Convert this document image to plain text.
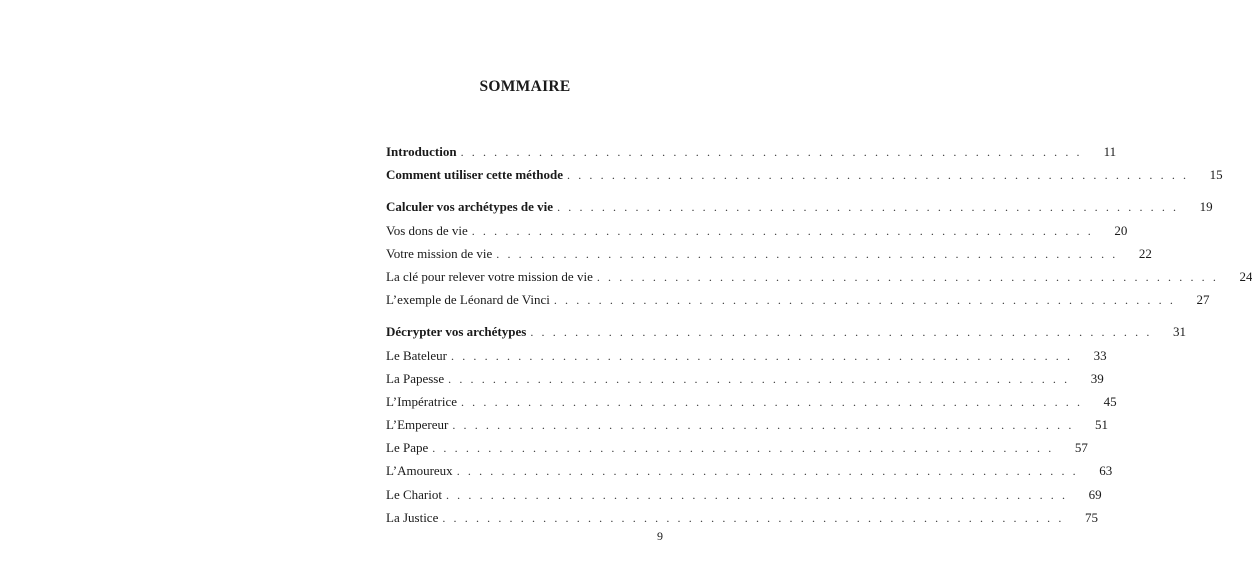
SOMMAIRE
Introduction . . . . . . . . . . . . . . . . . . . . . . . . . . . . . . . . . . . . . . . . . . . . . . . . . . . . . . . .	11
Comment utiliser cette méthode . . . . . . . . . . . . . . . . . . . . . . . . . . . . . . . . . . . . . . . . . . . . . . . . . . . . . . . .	15
Calculer vos archétypes de vie . . . . . . . . . . . . . . . . . . . . . . . . . . . . . . . . . . . . . . . . . . . . . . . . . . . . . . . .	19
Vos dons de vie . . . . . . . . . . . . . . . . . . . . . . . . . . . . . . . . . . . . . . . . . . . . . . . . . . . . . . . .	20
Votre mission de vie . . . . . . . . . . . . . . . . . . . . . . . . . . . . . . . . . . . . . . . . . . . . . . . . . . . . . . . .	22
La clé pour relever votre mission de vie . . . . . . . . . . . . . . . . . . . . . . . . . . . . . . . . . . . . . . . . . . . . . . . . . . . . . . . .	24
L’exemple de Léonard de Vinci . . . . . . . . . . . . . . . . . . . . . . . . . . . . . . . . . . . . . . . . . . . . . . . . . . . . . . . .	27
Décrypter vos archétypes . . . . . . . . . . . . . . . . . . . . . . . . . . . . . . . . . . . . . . . . . . . . . . . . . . . . . . . .	31
Le Bateleur . . . . . . . . . . . . . . . . . . . . . . . . . . . . . . . . . . . . . . . . . . . . . . . . . . . . . . . .	33
La Papesse . . . . . . . . . . . . . . . . . . . . . . . . . . . . . . . . . . . . . . . . . . . . . . . . . . . . . . . .	39
L’Impératrice . . . . . . . . . . . . . . . . . . . . . . . . . . . . . . . . . . . . . . . . . . . . . . . . . . . . . . . .	45
L’Empereur . . . . . . . . . . . . . . . . . . . . . . . . . . . . . . . . . . . . . . . . . . . . . . . . . . . . . . . .	51
Le Pape . . . . . . . . . . . . . . . . . . . . . . . . . . . . . . . . . . . . . . . . . . . . . . . . . . . . . . . .	57
L’Amoureux . . . . . . . . . . . . . . . . . . . . . . . . . . . . . . . . . . . . . . . . . . . . . . . . . . . . . . . .	63
Le Chariot . . . . . . . . . . . . . . . . . . . . . . . . . . . . . . . . . . . . . . . . . . . . . . . . . . . . . . . .	69
La Justice . . . . . . . . . . . . . . . . . . . . . . . . . . . . . . . . . . . . . . . . . . . . . . . . . . . . . . . .	75
9
